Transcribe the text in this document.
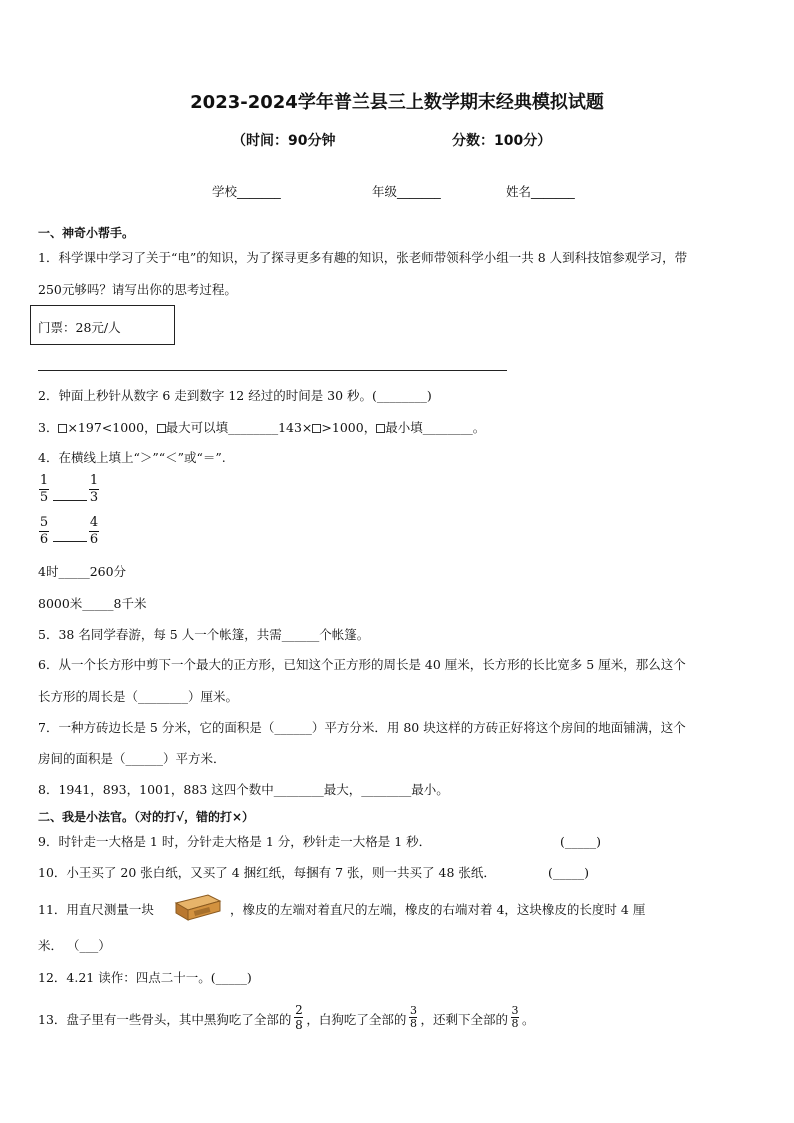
2023-2024学年普兰县三上数学期末经典模拟试题
（时间：90分钟	分数：100分）
学校_______	年级_______	姓名_______
一、神奇小帮手。
1．科学课中学习了关于“电”的知识，为了探寻更多有趣的知识，张老师带领科学小组一共 8 人到科技馆参观学习，带
250元够吗？请写出你的思考过程。
门票：28元/人
2．钟面上秒针从数字 6 走到数字 12 经过的时间是 30 秒。(________)
3． ×197<1000， 最大可以填________143× >1000， 最小填________。
4．在横线上填上“＞”“＜”或“＝”.
1
5
1
3
5
6
4
6
4时_____260分
8000米_____8千米
5．38 名同学春游，每 5 人一个帐篷，共需______个帐篷。
6．从一个长方形中剪下一个最大的正方形，已知这个正方形的周长是 40 厘米，长方形的长比宽多 5 厘米，那么这个
长方形的周长是（________）厘米。
7．一种方砖边长是 5 分米，它的面积是（______）平方分米．用 80 块这样的方砖正好将这个房间的地面铺满，这个
房间的面积是（______）平方米．
8．1941，893，1001，883 这四个数中________最大，________最小。
二、我是小法官。（对的打√，错的打×）
9．时针走一大格是 1 时，分针走大格是 1 分，秒针走一大格是 1 秒．	(_____)
10．小王买了 20 张白纸，又买了 4 捆红纸，每捆有 7 张，则一共买了 48 张纸．	(_____)
11．用直尺测量一块	，橡皮的左端对着直尺的左端，橡皮的右端对着 4，这块橡皮的长度时 4 厘
米． （___）
12．4.21 读作：四点二十一。(_____)
13．盘子里有一些骨头，其中黑狗吃了全部的
2
8 ，白狗吃了全部的
3
8 ，还剩下全部的
3
8 。
